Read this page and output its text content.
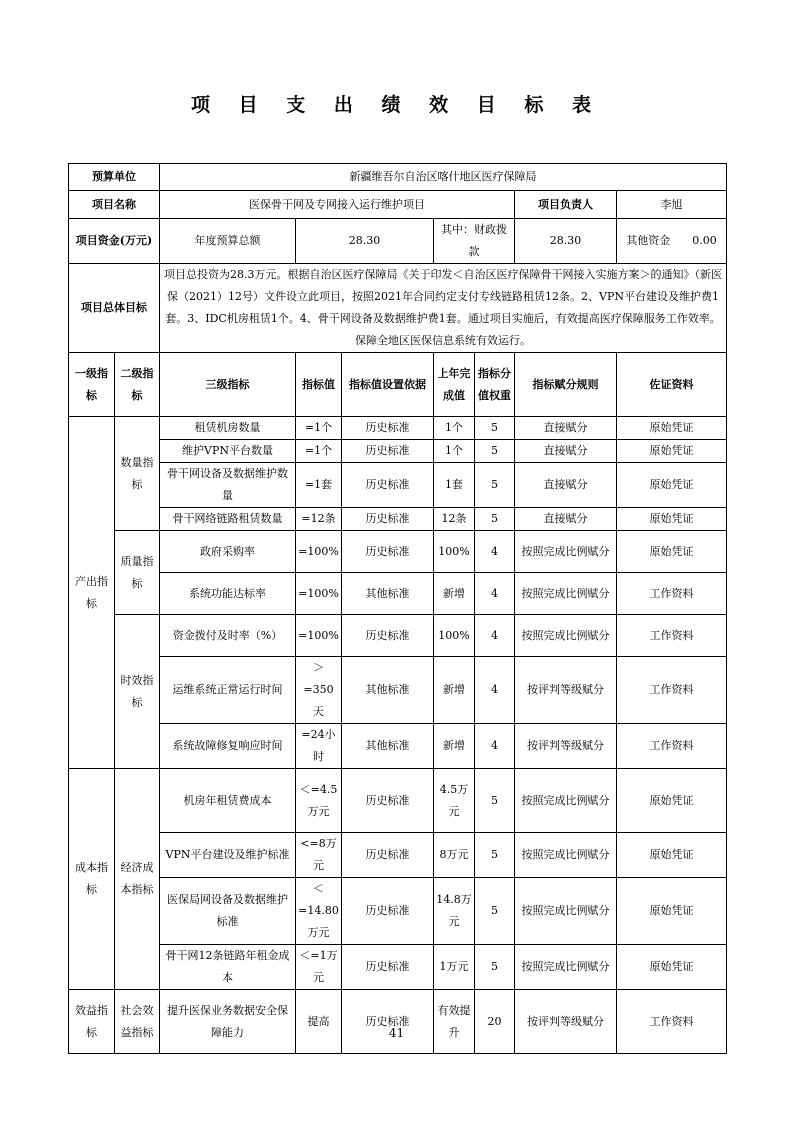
项 目 支 出 绩 效 目 标 表
预算单位		新疆维吾尔自治区喀什地区医疗保障局						
项目名称		医保骨干网及专网接入运行维护项目					项目负责人	李旭
项目资金(万元)		年度预算总额	28.30		其中：财政拨款		28.30	其他资金　　 0.00
项目总体目标		项目总投资为28.3万元。根据自治区医疗保障局《关于印发＜自治区医疗保障骨干网接入实施方案＞的通知》（新医保（2021）12号）文件设立此项目，按照2021年合同约定支付专线链路租赁12条。2、VPN平台建设及维护费1套。3、IDC机房租赁1个。4、骨干网设备及数据维护费1套。通过项目实施后，有效提高医疗保障服务工作效率。保障全地区医保信息系统有效运行。						
一级指标	二级指标	三级指标	指标值	指标值设置依据	上年完成值	指标分值权重	指标赋分规则	佐证资料
产出指标	数量指标	租赁机房数量	=1个	历史标准	1个	5	直接赋分	原始凭证
		维护VPN平台数量	=1个	历史标准	1个	5	直接赋分	原始凭证
		骨干网设备及数据维护数量	=1套	历史标准	1套	5	直接赋分	原始凭证
		骨干网络链路租赁数量	=12条	历史标准	12条	5	直接赋分	原始凭证
	质量指标	政府采购率	=100%	历史标准	100%	4	按照完成比例赋分	原始凭证
		系统功能达标率	=100%	其他标准	新增	4	按照完成比例赋分	工作资料
	时效指标	资金拨付及时率（%）	=100%	历史标准	100%	4	按照完成比例赋分	工作资料
		运维系统正常运行时间	＞=350天	其他标准	新增	4	按评判等级赋分	工作资料
		系统故障修复响应时间	=24小时	其他标准	新增	4	按评判等级赋分	工作资料
成本指标	经济成本指标	机房年租赁费成本	＜=4.5万元	历史标准	4.5万元	5	按照完成比例赋分	原始凭证
		VPN平台建设及维护标准	<=8万元	历史标准	8万元	5	按照完成比例赋分	原始凭证
		医保局网设备及数据维护标准	＜=14.80万元	历史标准	14.8万元	5	按照完成比例赋分	原始凭证
		骨干网12条链路年租金成本	＜=1万元	历史标准	1万元	5	按照完成比例赋分	原始凭证
效益指标	社会效益指标	提升医保业务数据安全保障能力	提高	历史标准	有效提升	20	按评判等级赋分	工作资料
41
